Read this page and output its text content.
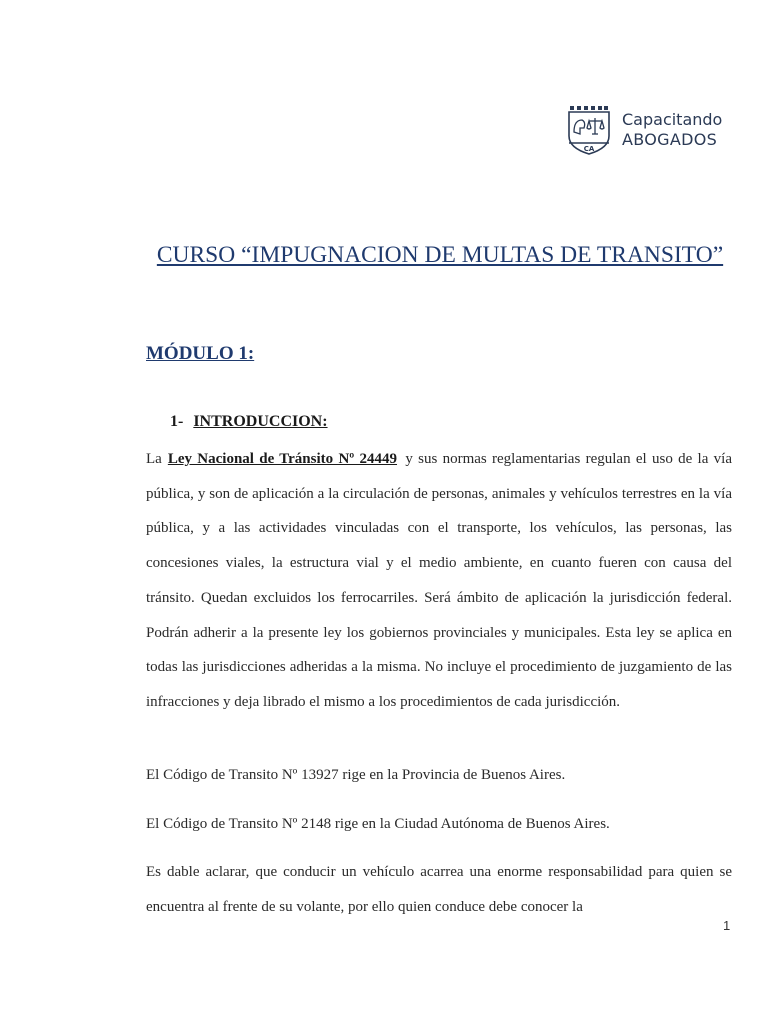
CA
Capacitando
ABOGADOS
CURSO “IMPUGNACION DE MULTAS DE TRANSITO”
MÓDULO 1:
1- INTRODUCCION:
La Ley Nacional de Tránsito Nº 24449 y sus normas reglamentarias regulan el uso de la vía pública, y son de aplicación a la circulación de personas, animales y vehículos terrestres en la vía pública, y a las actividades vinculadas con el transporte, los vehículos, las personas, las concesiones viales, la estructura vial y el medio ambiente, en cuanto fueren con causa del tránsito. Quedan excluidos los ferrocarriles. Será ámbito de aplicación la jurisdicción federal. Podrán adherir a la presente ley los gobiernos provinciales y municipales. Esta ley se aplica en todas las jurisdicciones adheridas a la misma. No incluye el procedimiento de juzgamiento de las infracciones y deja librado el mismo a los procedimientos de cada jurisdicción.
El Código de Transito Nº 13927 rige en la Provincia de Buenos Aires.
El Código de Transito Nº 2148 rige en la Ciudad Autónoma de Buenos Aires.
Es dable aclarar, que conducir un vehículo acarrea una enorme responsabilidad para quien se encuentra al frente de su volante, por ello quien conduce debe conocer la
1
